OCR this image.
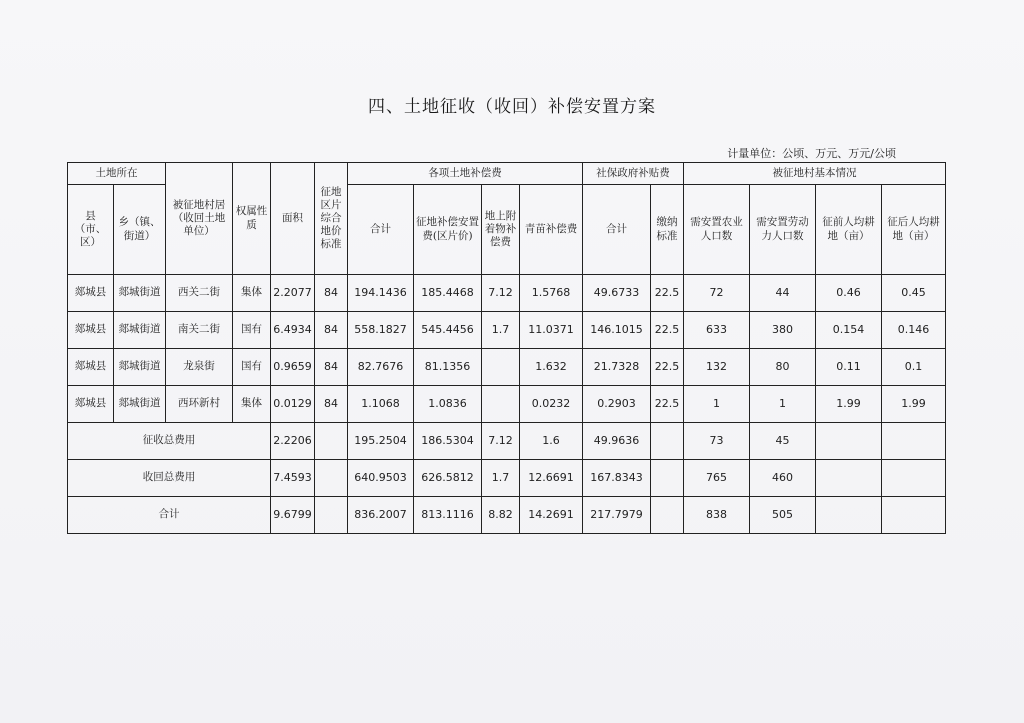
四、土地征收（收回）补偿安置方案
计量单位：公顷、万元、万元/公顷
土地所在		被征地村居（收回土地单位）	权属性质	面积	征地区片综合地价标准	各项土地补偿费				社保政府补贴费		被征地村基本情况			
县（市、区）	乡（镇、街道）					合计	征地补偿安置费(区片价)	地上附着物补偿费	青苗补偿费	合计	缴纳标准	需安置农业人口数	需安置劳动力人口数	征前人均耕地（亩）	征后人均耕地（亩）
郯城县	郯城街道	西关二街	集体	2.2077	84	194.1436	185.4468	7.12	1.5768	49.6733	22.5	72	44	0.46	0.45
郯城县	郯城街道	南关二街	国有	6.4934	84	558.1827	545.4456	1.7	11.0371	146.1015	22.5	633	380	0.154	0.146
郯城县	郯城街道	龙泉街	国有	0.9659	84	82.7676	81.1356		1.632	21.7328	22.5	132	80	0.11	0.1
郯城县	郯城街道	西环新村	集体	0.0129	84	1.1068	1.0836		0.0232	0.2903	22.5	1	1	1.99	1.99
征收总费用				2.2206		195.2504	186.5304	7.12	1.6	49.9636		73	45		
收回总费用				7.4593		640.9503	626.5812	1.7	12.6691	167.8343		765	460		
合计				9.6799		836.2007	813.1116	8.82	14.2691	217.7979		838	505		
